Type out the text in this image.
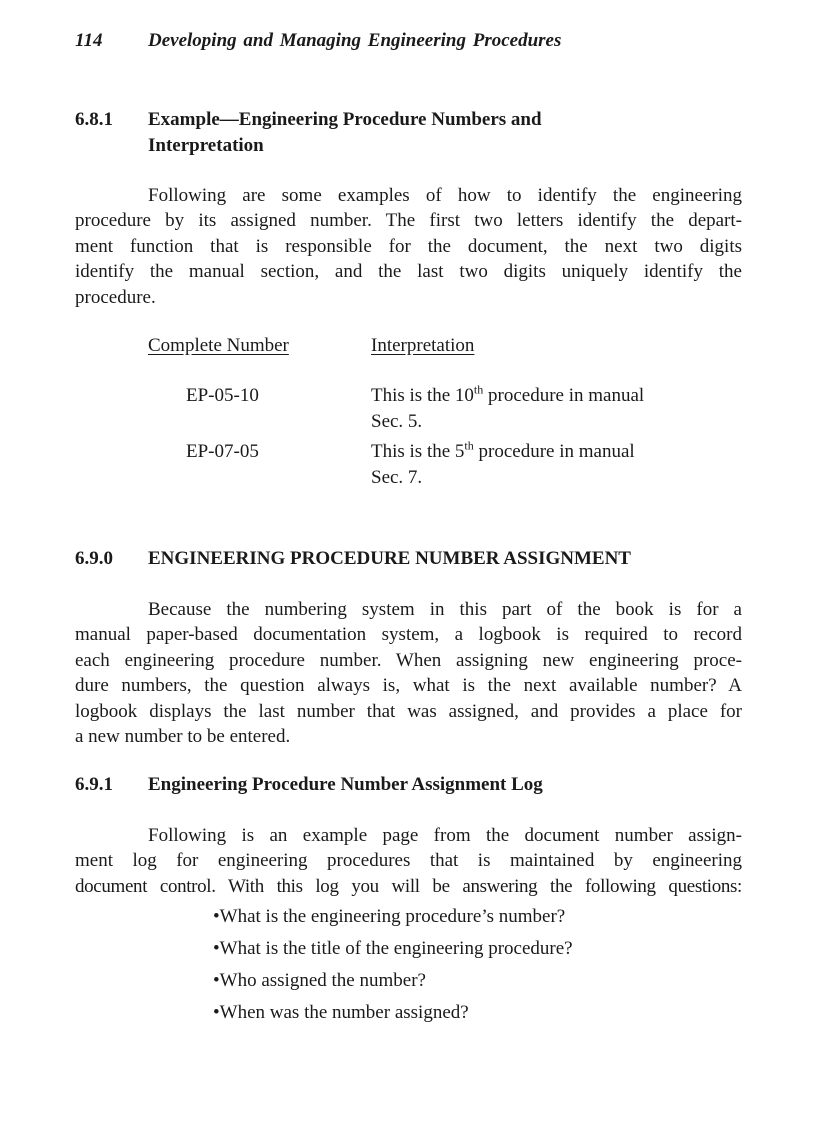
114 Developing and Managing Engineering Procedures
6.8.1 Example—Engineering Procedure Numbers and
Interpretation
Following are some examples of how to identify the engineering
procedure by its assigned number. The first two letters identify the depart-
ment function that is responsible for the document, the next two digits
identify the manual section, and the last two digits uniquely identify the
procedure.
Complete Number	Interpretation
EP-05-10	This is the 10th procedure in manual
Sec. 5.
EP-07-05	This is the 5th procedure in manual
Sec. 7.
6.9.0 ENGINEERING PROCEDURE NUMBER ASSIGNMENT
Because the numbering system in this part of the book is for a
manual paper-based documentation system, a logbook is required to record
each engineering procedure number. When assigning new engineering proce-
dure numbers, the question always is, what is the next available number? A
logbook displays the last number that was assigned, and provides a place for
a new number to be entered.
6.9.1 Engineering Procedure Number Assignment Log
Following is an example page from the document number assign-
ment log for engineering procedures that is maintained by engineering
document control. With this log you will be answering the following questions:
•What is the engineering procedure’s number?
•What is the title of the engineering procedure?
•Who assigned the number?
•When was the number assigned?
